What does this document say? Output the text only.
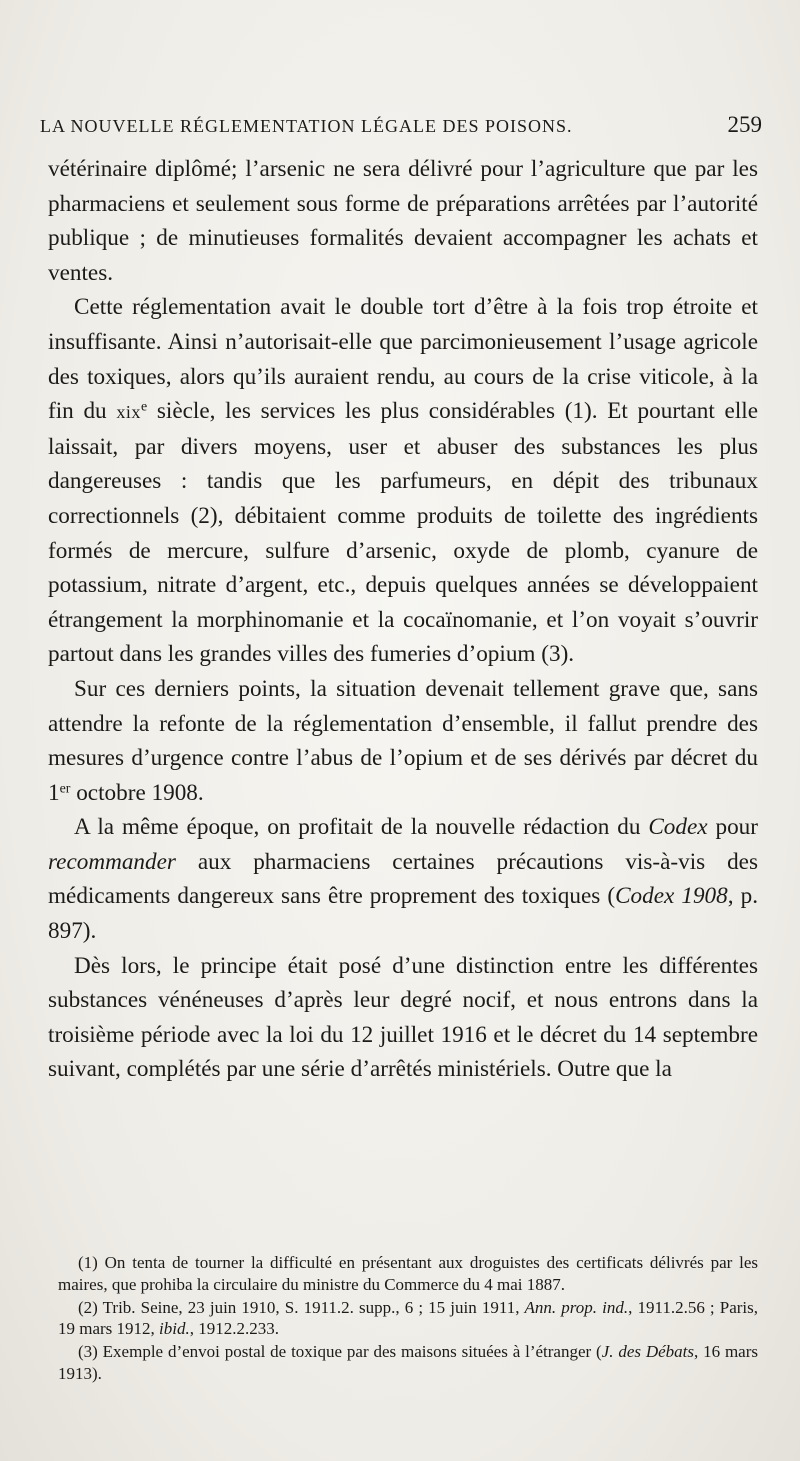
LA NOUVELLE RÉGLEMENTATION LÉGALE DES POISONS.	259

vétérinaire diplômé; l’arsenic ne sera délivré pour l’agriculture que par les pharmaciens et seulement sous forme de préparations arrêtées par l’autorité publique ; de minutieuses formalités devaient accompagner les achats et ventes.

Cette réglementation avait le double tort d’être à la fois trop étroite et insuffisante. Ainsi n’autorisait-elle que parcimonieusement l’usage agricole des toxiques, alors qu’ils auraient rendu, au cours de la crise viticole, à la fin du xix$^e$ siècle, les services les plus considérables (1). Et pourtant elle laissait, par divers moyens, user et abuser des substances les plus dangereuses : tandis que les parfumeurs, en dépit des tribunaux correctionnels (2), débitaient comme produits de toilette des ingrédients formés de mercure, sulfure d’arsenic, oxyde de plomb, cyanure de potassium, nitrate d’argent, etc., depuis quelques années se développaient étrangement la morphinomanie et la cocaïnomanie, et l’on voyait s’ouvrir partout dans les grandes villes des fumeries d’opium (3).

Sur ces derniers points, la situation devenait tellement grave que, sans attendre la refonte de la réglementation d’ensemble, il fallut prendre des mesures d’urgence contre l’abus de l’opium et de ses dérivés par décret du 1er octobre 1908.

A la même époque, on profitait de la nouvelle rédaction du Codex pour recommander aux pharmaciens certaines précautions vis-à-vis des médicaments dangereux sans être proprement des toxiques (Codex 1908, p. 897).

Dès lors, le principe était posé d’une distinction entre les différentes substances vénéneuses d’après leur degré nocif, et nous entrons dans la troisième période avec la loi du 12 juillet 1916 et le décret du 14 septembre suivant, complétés par une série d’arrêtés ministériels. Outre que la

(1) On tenta de tourner la difficulté en présentant aux droguistes des certificats délivrés par les maires, que prohiba la circulaire du ministre du Commerce du 4 mai 1887.

(2) Trib. Seine, 23 juin 1910, S. 1911.2. supp., 6 ; 15 juin 1911, Ann. prop. ind., 1911.2.56 ; Paris, 19 mars 1912, ibid., 1912.2.233.

(3) Exemple d’envoi postal de toxique par des maisons situées à l’étranger (J. des Débats, 16 mars 1913).
